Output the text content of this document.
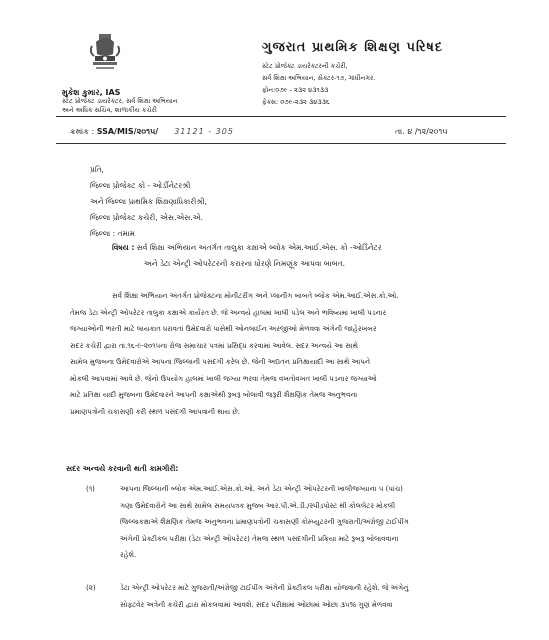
ગુજરાત પ્રાથમિક શિક્ષણ પરિષદ
સ્ટેટ પ્રોજેક્ટ ડાયરેક્ટરની કચેરી,
સર્વ શિક્ષા અભિયાન, સેક્ટર-૧૭, ગાંધીનગર.
ફોન:૦૭૯ - ૨૩૨ ૪૩૧૩૩
ફેક્સ: ૦૭૯-૨૩૨ ૩૪૩૩૬
મુકેશ કુમાર, IAS
સ્ટેટ પ્રોજેક્ટ ડાયરેક્ટર, સર્વ શિક્ષા અભિયાન
અને અધિક સચિવ, શાળાકીય કચેરી
ક્રમાંક : SSA/MIS/૨૦૧૫/ 31121 - 305	તા. ૪ /૧૨/૨૦૧૫
પ્રતિ,
જિલ્લા પ્રોજેક્ટ કો - ઓર્ડીનેટરશ્રી
અને જિલ્લા પ્રાથમિક શિક્ષણાધિકારીશ્રી,
જિલ્લા પ્રોજેક્ટ કચેરી, એસ.એસ.એ.
જિલ્લા : તમામ
વિષય : સર્વ શિક્ષા અભિયાન અંતર્ગત તાલુકા કક્ષાએ બ્લોક એમ.આઈ.એસ. કો -ઓર્ડિનેટર
અને ડેટા એન્ટ્રી ઓપરેટરની કરારના ધોરણે નિમણૂંક આપવા બાબત.
સર્વ શિક્ષા અભિયાન અંતર્ગત પ્રોજેક્ટના મોનીટરીંગ અને પ્લાનીંગ બાબતે બ્લોક એમ.આઈ.એસ.કો.ઓ.
તેમજ ડેટા એન્ટ્રી ઓપરેટર તાલુકા કક્ષાએ કાર્યરત છે. જે અન્વયે હાલમાં ખાલી પડેલ અને ભવિષ્યમાં ખાલી પડનાર
જગ્યાઓની ભરતી માટે લાયકાત ધરાવતાં ઉમેદવારો પાસેથી ઓનલાઈન અરજીઓ મેળવવા અંગેની જાહેરખબર
સદર કચેરી દ્વારા તા.૧૬-૯-૨૦૧૫ના રોજ સમાચાર પત્રમાં પ્રસિદ્ધ કરવામાં આવેલ. સદર અન્વયે આ સાથે
સામેલ મુજબના ઉમેદવારોએ આપના જિલ્લાની પસંદગી કરેલ છે. જેની અદ્યતન પ્રતિક્ષાયાદી આ સાથે આપને
મોકલી આપવામાં આવે છે. જેનો ઉપયોગ હાલમાં ખાલી જગ્યા ભરવા તેમજ વખતોવખત ખાલી પડનાર જગ્યાઓ
માટે પ્રતિક્ષા યાદી મુજબના ઉમેદવારને આપની કક્ષાએથી રૂબરૂ બોલાવી જરૂરી શૈક્ષણિક તેમજ અનુભવના
પ્રમાણપત્રોની ચકાસણી કરી સ્થળ પસંદગી આપવાની થાય છે.
સદર અન્વયે કરવાની થતી કામગીરી:
(૧)	આપના જિલ્લાની બ્લોક એમ.આઈ.એસ.કો.ઓ. અને ડેટા એન્ટ્રી ઓપરેટરની ખાલીજગ્યાના ૫ (પાંચ)
ગણા ઉમેદવારોને આ સાથે સામેલ સમયપત્રક મુજબ આર.પી.એ.ડી./સ્પીડપોસ્ટ થી કોલલેટર મોકલી
જિલ્લાકક્ષાએ શૈક્ષણિક તેમજ અનુભવના પ્રમાણપત્રોની ચકાસણી કોમ્પ્યુટરની ગુજરાતી/અંગ્રેજી ટાઈપીંગ
અંગેની પ્રેક્ટીકલ પરીક્ષા (ડેટા એન્ટ્રી ઓપરેટર) તેમજ સ્થળ પસંદગીની પ્રક્રિયા માટે રૂબરૂ બોલાવવાના
રહેશે.
(૨)	ડેટા એન્ટ્રી ઓપરેટર માટે ગુજરાતી/અંગ્રેજી ટાઈપીંગ અંગેની પ્રેક્ટીકલ પરીક્ષા યોજવાની રહેશે. જે અંગેનું
સોફ્ટવેર અત્રેની કચેરી દ્વારા મોકલવામાં આવશે. સદર પરીક્ષામાં ઓછામાં ઓછા ૩૫% ગુણ મેળવવા
